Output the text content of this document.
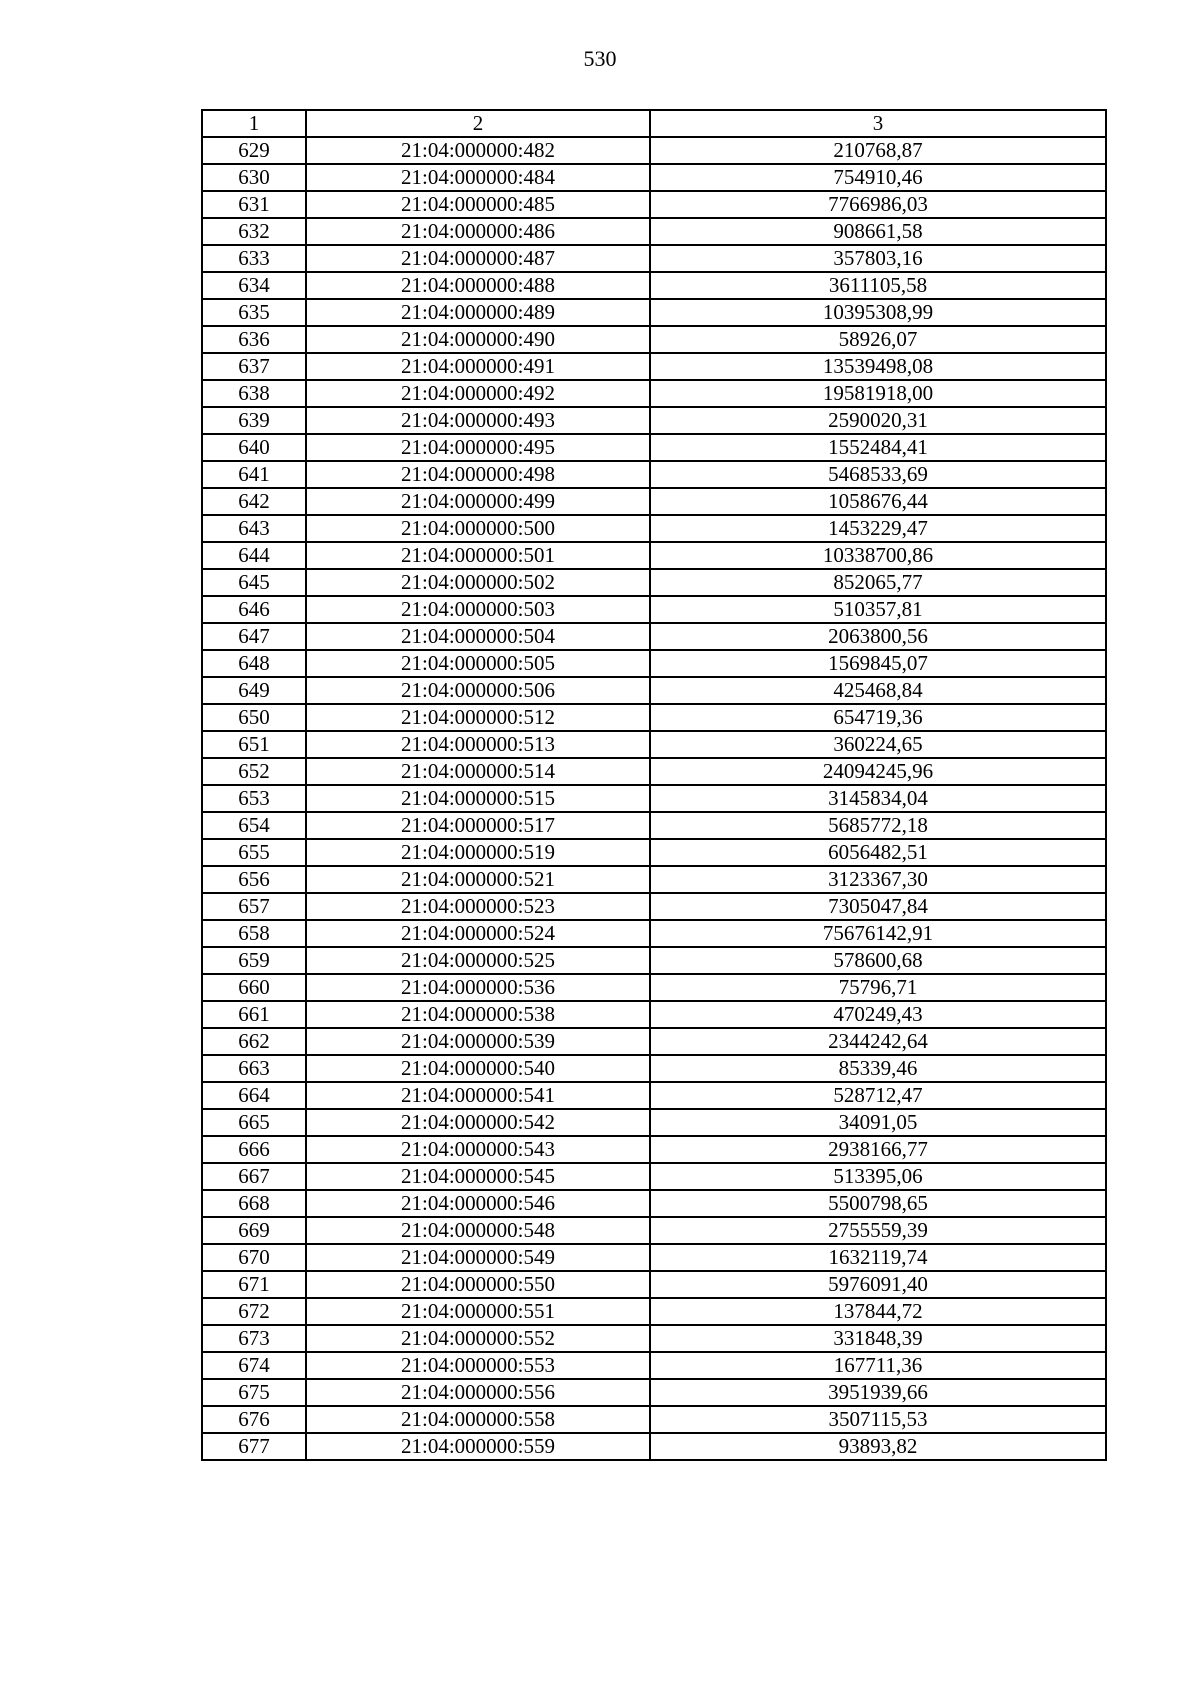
530
1	2	3
629	21:04:000000:482	210768,87
630	21:04:000000:484	754910,46
631	21:04:000000:485	7766986,03
632	21:04:000000:486	908661,58
633	21:04:000000:487	357803,16
634	21:04:000000:488	3611105,58
635	21:04:000000:489	10395308,99
636	21:04:000000:490	58926,07
637	21:04:000000:491	13539498,08
638	21:04:000000:492	19581918,00
639	21:04:000000:493	2590020,31
640	21:04:000000:495	1552484,41
641	21:04:000000:498	5468533,69
642	21:04:000000:499	1058676,44
643	21:04:000000:500	1453229,47
644	21:04:000000:501	10338700,86
645	21:04:000000:502	852065,77
646	21:04:000000:503	510357,81
647	21:04:000000:504	2063800,56
648	21:04:000000:505	1569845,07
649	21:04:000000:506	425468,84
650	21:04:000000:512	654719,36
651	21:04:000000:513	360224,65
652	21:04:000000:514	24094245,96
653	21:04:000000:515	3145834,04
654	21:04:000000:517	5685772,18
655	21:04:000000:519	6056482,51
656	21:04:000000:521	3123367,30
657	21:04:000000:523	7305047,84
658	21:04:000000:524	75676142,91
659	21:04:000000:525	578600,68
660	21:04:000000:536	75796,71
661	21:04:000000:538	470249,43
662	21:04:000000:539	2344242,64
663	21:04:000000:540	85339,46
664	21:04:000000:541	528712,47
665	21:04:000000:542	34091,05
666	21:04:000000:543	2938166,77
667	21:04:000000:545	513395,06
668	21:04:000000:546	5500798,65
669	21:04:000000:548	2755559,39
670	21:04:000000:549	1632119,74
671	21:04:000000:550	5976091,40
672	21:04:000000:551	137844,72
673	21:04:000000:552	331848,39
674	21:04:000000:553	167711,36
675	21:04:000000:556	3951939,66
676	21:04:000000:558	3507115,53
677	21:04:000000:559	93893,82
